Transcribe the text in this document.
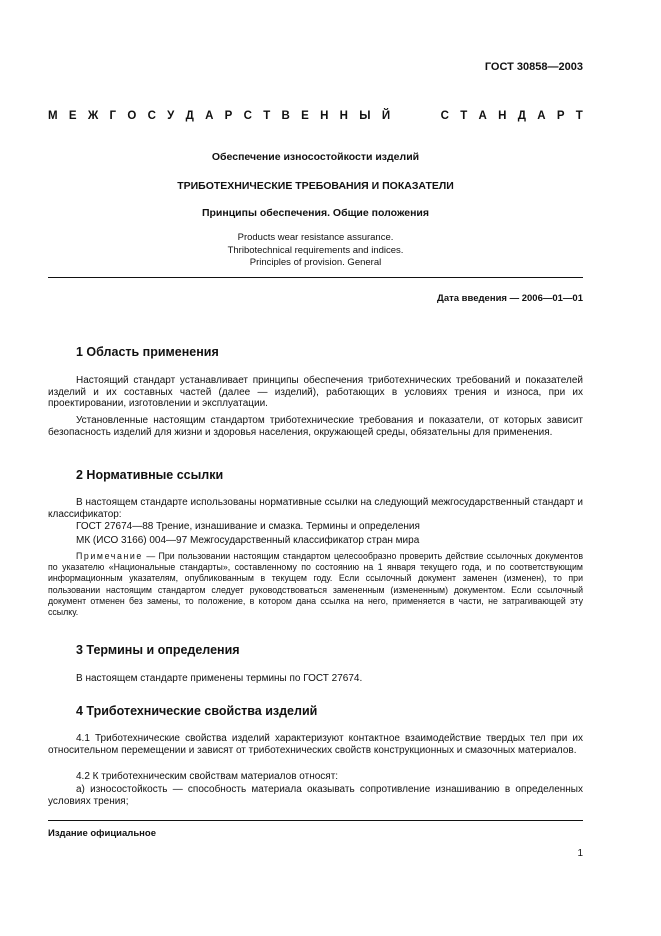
ГОСТ 30858—2003
М Е Ж Г О С У Д А Р С Т В Е Н Н Ы Й	С Т А Н Д А Р Т
Обеспечение износостойкости изделий
ТРИБОТЕХНИЧЕСКИЕ ТРЕБОВАНИЯ И ПОКАЗАТЕЛИ
Принципы обеспечения. Общие положения
Products wear resistance assurance.
Thribotechnical requirements and indices.
Principles of provision. General
Дата введения — 2006—01—01
1 Область применения
Настоящий стандарт устанавливает принципы обеспечения триботехнических требований и показателей изделий и их составных частей (далее — изделий), работающих в условиях трения и износа, при их проектировании, изготовлении и эксплуатации.
Установленные настоящим стандартом триботехнические требования и показатели, от которых зависит безопасность изделий для жизни и здоровья населения, окружающей среды, обязательны для применения.
2 Нормативные ссылки
В настоящем стандарте использованы нормативные ссылки на следующий межгосударственный стандарт и классификатор:
ГОСТ 27674—88 Трение, изнашивание и смазка. Термины и определения
МК (ИСО 3166) 004—97 Межгосударственный классификатор стран мира
Примечание — При пользовании настоящим стандартом целесообразно проверить действие ссылочных документов по указателю «Национальные стандарты», составленному по состоянию на 1 января текущего года, и по соответствующим информационным указателям, опубликованным в текущем году. Если ссылочный документ заменен (изменен), то при пользовании настоящим стандартом следует руководствоваться замененным (измененным) документом. Если ссылочный документ отменен без замены, то положение, в котором дана ссылка на него, применяется в части, не затрагивающей эту ссылку.
3 Термины и определения
В настоящем стандарте применены термины по ГОСТ 27674.
4 Триботехнические свойства изделий
4.1 Триботехнические свойства изделий характеризуют контактное взаимодействие твердых тел при их относительном перемещении и зависят от триботехнических свойств конструкционных и смазочных материалов.
4.2 К триботехническим свойствам материалов относят:
а) износостойкость — способность материала оказывать сопротивление изнашиванию в определенных условиях трения;
Издание официальное
1
